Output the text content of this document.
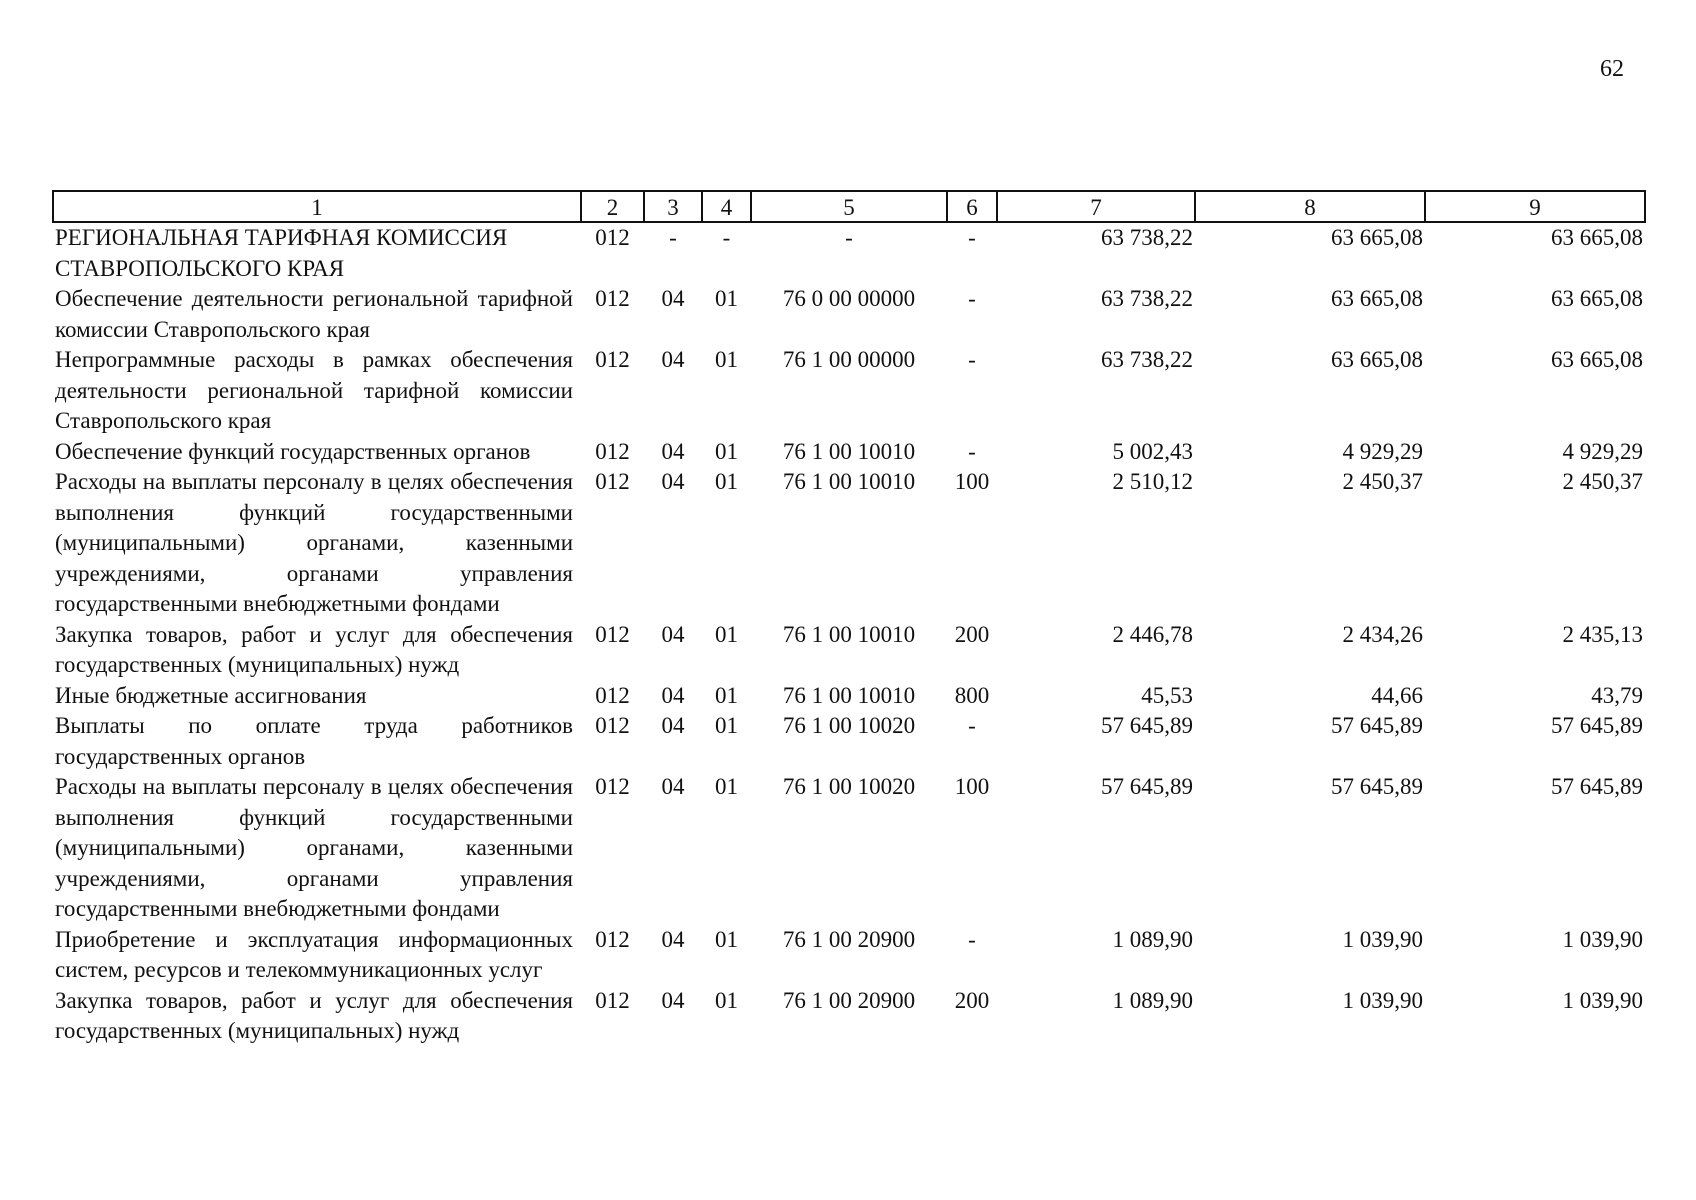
62
1	2	3	4	5	6	7	8	9
РЕГИОНАЛЬНАЯ ТАРИФНАЯ КОМИССИЯ СТАВРОПОЛЬСКОГО КРАЯ	012	-	-	-	-	63 738,22	63 665,08	63 665,08
Обеспечение деятельности региональной тарифной комиссии Ставропольского края	012	04	01	76 0 00 00000	-	63 738,22	63 665,08	63 665,08
Непрограммные расходы в рамках обеспечения деятельности региональной тарифной комиссии Ставропольского края	012	04	01	76 1 00 00000	-	63 738,22	63 665,08	63 665,08
Обеспечение функций государственных органов	012	04	01	76 1 00 10010	-	5 002,43	4 929,29	4 929,29
Расходы на выплаты персоналу в целях обеспечения выполнения функций государственными (муниципальными) органами, казенными учреждениями, органами управления государственными внебюджетными фондами	012	04	01	76 1 00 10010	100	2 510,12	2 450,37	2 450,37
Закупка товаров, работ и услуг для обеспечения государственных (муниципальных) нужд	012	04	01	76 1 00 10010	200	2 446,78	2 434,26	2 435,13
Иные бюджетные ассигнования	012	04	01	76 1 00 10010	800	45,53	44,66	43,79
Выплаты по оплате труда работников государственных органов	012	04	01	76 1 00 10020	-	57 645,89	57 645,89	57 645,89
Расходы на выплаты персоналу в целях обеспечения выполнения функций государственными (муниципальными) органами, казенными учреждениями, органами управления государственными внебюджетными фондами	012	04	01	76 1 00 10020	100	57 645,89	57 645,89	57 645,89
Приобретение и эксплуатация информационных систем, ресурсов и телекоммуникационных услуг	012	04	01	76 1 00 20900	-	1 089,90	1 039,90	1 039,90
Закупка товаров, работ и услуг для обеспечения государственных (муниципальных) нужд	012	04	01	76 1 00 20900	200	1 089,90	1 039,90	1 039,90
